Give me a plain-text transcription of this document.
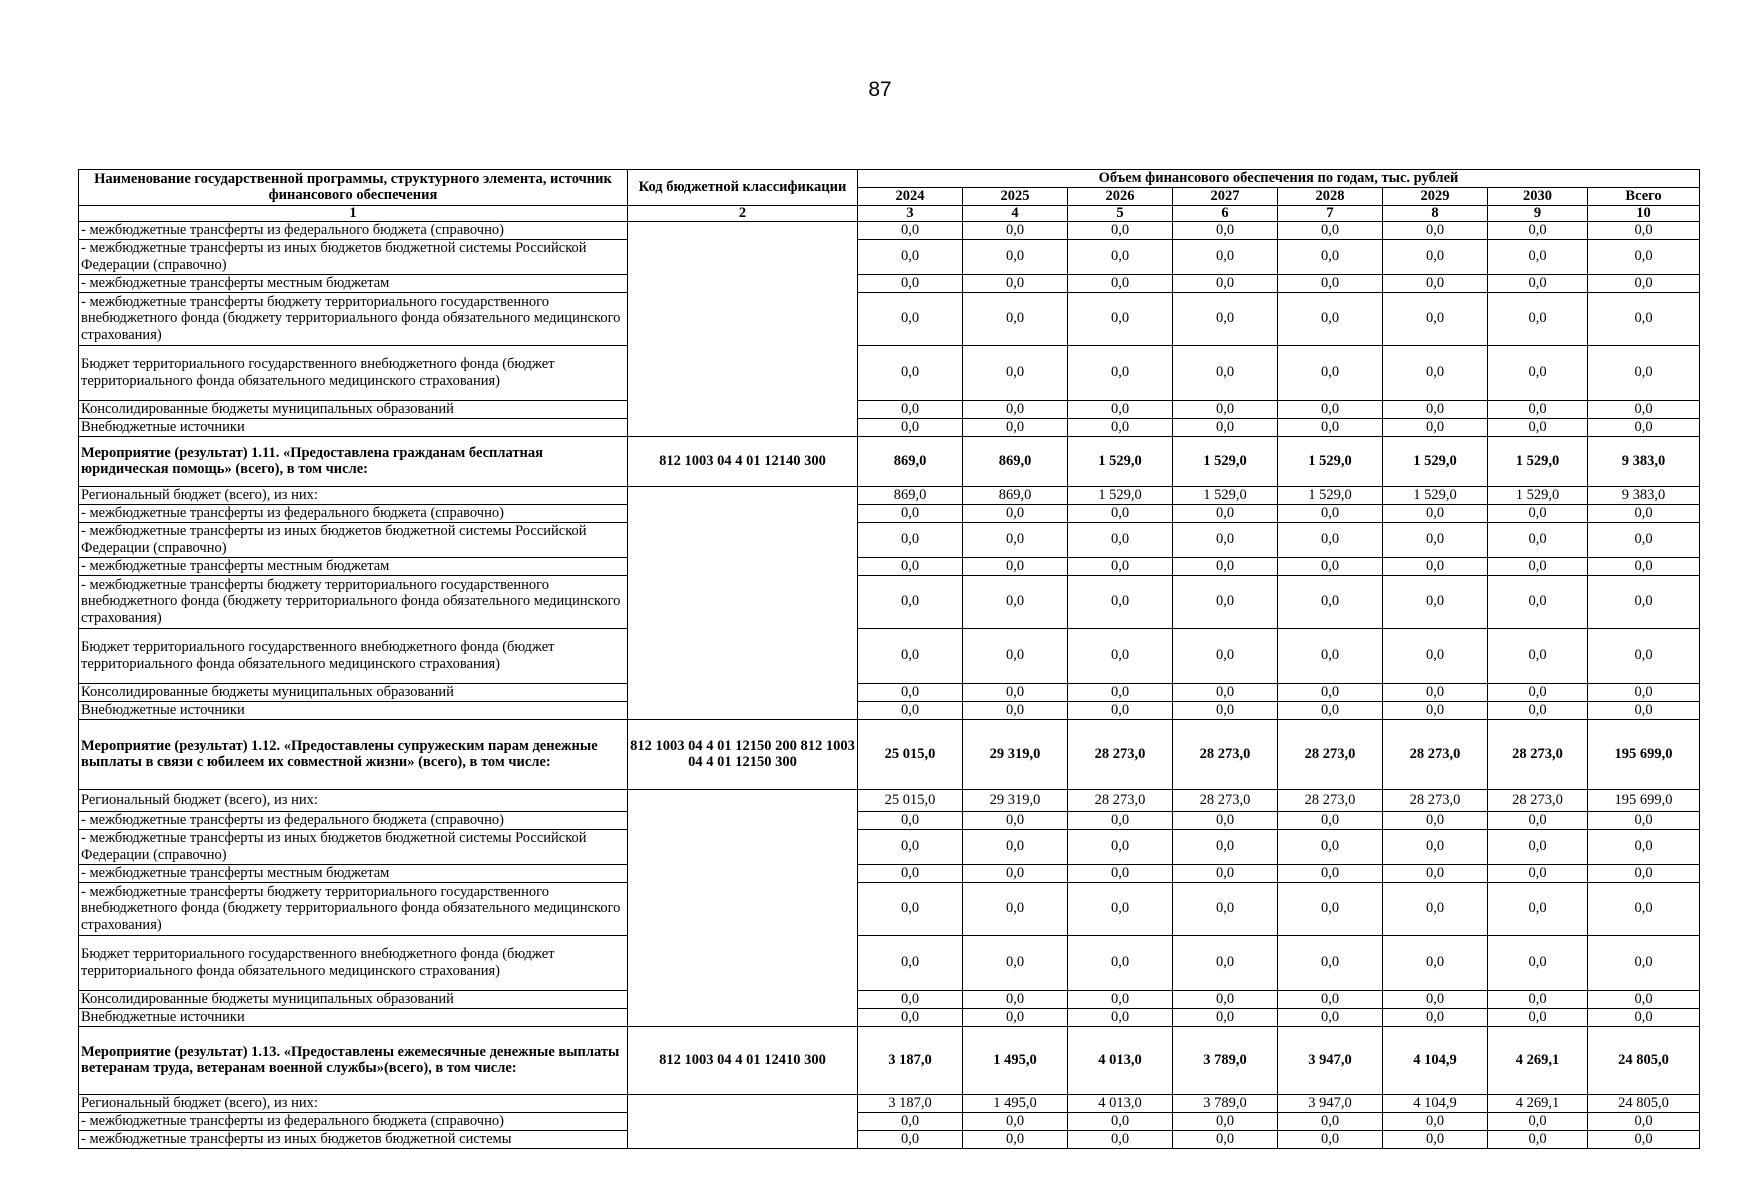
87
Наименование государственной программы, структурного элемента, источник финансового обеспечения	Код бюджетной классификации	Объем финансового обеспечения по годам, тыс. рублей							
		2024	2025	2026	2027	2028	2029	2030	Всего
1	2	3	4	5	6	7	8	9	10
- межбюджетные трансферты из федерального бюджета (справочно)		0,0	0,0	0,0	0,0	0,0	0,0	0,0	0,0
- межбюджетные трансферты из иных бюджетов бюджетной системы Российской Федерации (справочно)		0,0	0,0	0,0	0,0	0,0	0,0	0,0	0,0
- межбюджетные трансферты местным бюджетам		0,0	0,0	0,0	0,0	0,0	0,0	0,0	0,0
- межбюджетные трансферты бюджету территориального государственного внебюджетного фонда (бюджету территориального фонда обязательного медицинского страхования)		0,0	0,0	0,0	0,0	0,0	0,0	0,0	0,0
Бюджет территориального государственного внебюджетного фонда (бюджет территориального фонда обязательного медицинского страхования)		0,0	0,0	0,0	0,0	0,0	0,0	0,0	0,0
Консолидированные бюджеты муниципальных образований		0,0	0,0	0,0	0,0	0,0	0,0	0,0	0,0
Внебюджетные источники		0,0	0,0	0,0	0,0	0,0	0,0	0,0	0,0
Мероприятие (результат) 1.11. «Предоставлена гражданам бесплатная юридическая помощь» (всего), в том числе:	812 1003 04 4 01 12140 300	869,0	869,0	1 529,0	1 529,0	1 529,0	1 529,0	1 529,0	9 383,0
Региональный бюджет (всего), из них:		869,0	869,0	1 529,0	1 529,0	1 529,0	1 529,0	1 529,0	9 383,0
- межбюджетные трансферты из федерального бюджета (справочно)		0,0	0,0	0,0	0,0	0,0	0,0	0,0	0,0
- межбюджетные трансферты из иных бюджетов бюджетной системы Российской Федерации (справочно)		0,0	0,0	0,0	0,0	0,0	0,0	0,0	0,0
- межбюджетные трансферты местным бюджетам		0,0	0,0	0,0	0,0	0,0	0,0	0,0	0,0
- межбюджетные трансферты бюджету территориального государственного внебюджетного фонда (бюджету территориального фонда обязательного медицинского страхования)		0,0	0,0	0,0	0,0	0,0	0,0	0,0	0,0
Бюджет территориального государственного внебюджетного фонда (бюджет территориального фонда обязательного медицинского страхования)		0,0	0,0	0,0	0,0	0,0	0,0	0,0	0,0
Консолидированные бюджеты муниципальных образований		0,0	0,0	0,0	0,0	0,0	0,0	0,0	0,0
Внебюджетные источники		0,0	0,0	0,0	0,0	0,0	0,0	0,0	0,0
Мероприятие (результат) 1.12. «Предоставлены супружеским парам денежные выплаты в связи с юбилеем их совместной жизни» (всего), в том числе:	812 1003 04 4 01 12150 200 812 1003 04 4 01 12150 300	25 015,0	29 319,0	28 273,0	28 273,0	28 273,0	28 273,0	28 273,0	195 699,0
Региональный бюджет (всего), из них:		25 015,0	29 319,0	28 273,0	28 273,0	28 273,0	28 273,0	28 273,0	195 699,0
- межбюджетные трансферты из федерального бюджета (справочно)		0,0	0,0	0,0	0,0	0,0	0,0	0,0	0,0
- межбюджетные трансферты из иных бюджетов бюджетной системы Российской Федерации (справочно)		0,0	0,0	0,0	0,0	0,0	0,0	0,0	0,0
- межбюджетные трансферты местным бюджетам		0,0	0,0	0,0	0,0	0,0	0,0	0,0	0,0
- межбюджетные трансферты бюджету территориального государственного внебюджетного фонда (бюджету территориального фонда обязательного медицинского страхования)		0,0	0,0	0,0	0,0	0,0	0,0	0,0	0,0
Бюджет территориального государственного внебюджетного фонда (бюджет территориального фонда обязательного медицинского страхования)		0,0	0,0	0,0	0,0	0,0	0,0	0,0	0,0
Консолидированные бюджеты муниципальных образований		0,0	0,0	0,0	0,0	0,0	0,0	0,0	0,0
Внебюджетные источники		0,0	0,0	0,0	0,0	0,0	0,0	0,0	0,0
Мероприятие (результат) 1.13. «Предоставлены ежемесячные денежные выплаты ветеранам труда, ветеранам военной службы»(всего), в том числе:	812 1003 04 4 01 12410 300	3 187,0	1 495,0	4 013,0	3 789,0	3 947,0	4 104,9	4 269,1	24 805,0
Региональный бюджет (всего), из них:		3 187,0	1 495,0	4 013,0	3 789,0	3 947,0	4 104,9	4 269,1	24 805,0
- межбюджетные трансферты из федерального бюджета (справочно)		0,0	0,0	0,0	0,0	0,0	0,0	0,0	0,0
- межбюджетные трансферты из иных бюджетов бюджетной системы		0,0	0,0	0,0	0,0	0,0	0,0	0,0	0,0
